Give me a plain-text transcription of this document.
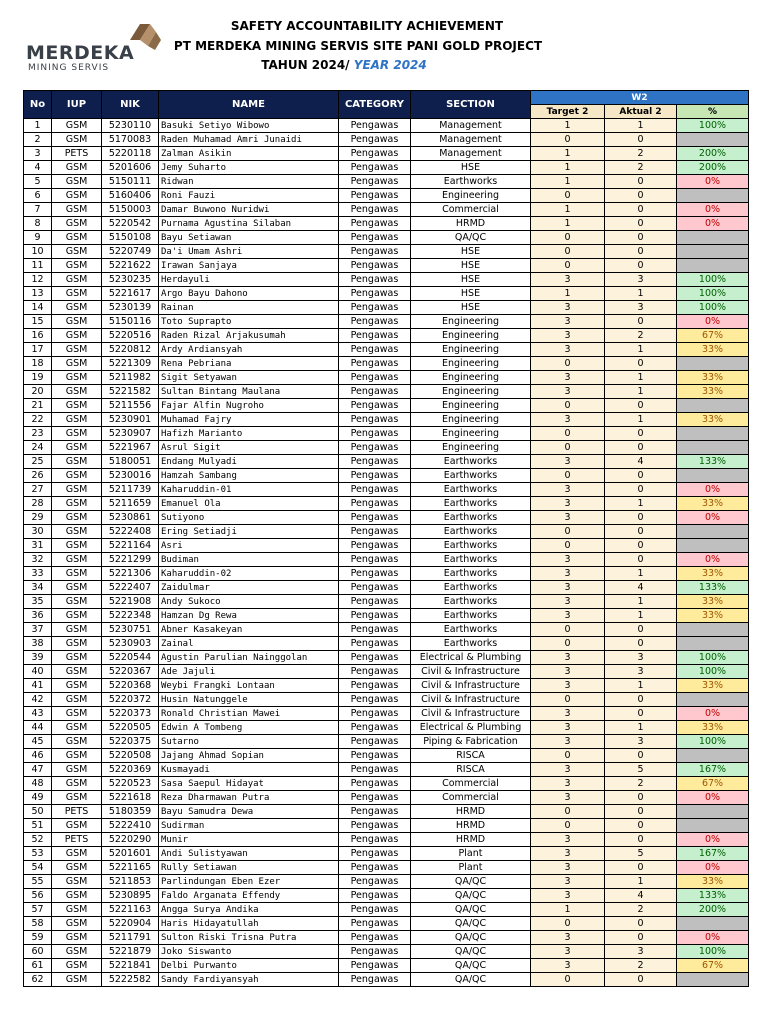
MERDEKA
MINING SERVIS
SAFETY ACCOUNTABILITY ACHIEVEMENT
PT MERDEKA MINING SERVIS SITE PANI GOLD PROJECT
TAHUN 2024/ YEAR 2024
No	IUP	NIK	NAME	CATEGORY	SECTION	W2		
						Target 2	Aktual 2	%
1	GSM	5230110	Basuki Setiyo Wibowo	Pengawas	Management	1	1	100%
2	GSM	5170083	Raden Muhamad Amri Junaidi	Pengawas	Management	0	0	
3	PETS	5220118	Zalman Asikin	Pengawas	Management	1	2	200%
4	GSM	5201606	Jemy Suharto	Pengawas	HSE	1	2	200%
5	GSM	5150111	Ridwan	Pengawas	Earthworks	1	0	0%
6	GSM	5160406	Roni Fauzi	Pengawas	Engineering	0	0	
7	GSM	5150003	Damar Buwono Nuridwi	Pengawas	Commercial	1	0	0%
8	GSM	5220542	Purnama Agustina Silaban	Pengawas	HRMD	1	0	0%
9	GSM	5150108	Bayu Setiawan	Pengawas	QA/QC	0	0	
10	GSM	5220749	Da'i Umam Ashri	Pengawas	HSE	0	0	
11	GSM	5221622	Irawan Sanjaya	Pengawas	HSE	0	0	
12	GSM	5230235	Herdayuli	Pengawas	HSE	3	3	100%
13	GSM	5221617	Argo Bayu Dahono	Pengawas	HSE	1	1	100%
14	GSM	5230139	Rainan	Pengawas	HSE	3	3	100%
15	GSM	5150116	Toto Suprapto	Pengawas	Engineering	3	0	0%
16	GSM	5220516	Raden Rizal Arjakusumah	Pengawas	Engineering	3	2	67%
17	GSM	5220812	Ardy Ardiansyah	Pengawas	Engineering	3	1	33%
18	GSM	5221309	Rena Pebriana	Pengawas	Engineering	0	0	
19	GSM	5211982	Sigit Setyawan	Pengawas	Engineering	3	1	33%
20	GSM	5221582	Sultan Bintang Maulana	Pengawas	Engineering	3	1	33%
21	GSM	5211556	Fajar Alfin Nugroho	Pengawas	Engineering	0	0	
22	GSM	5230901	Muhamad Fajry	Pengawas	Engineering	3	1	33%
23	GSM	5230907	Hafizh Marianto	Pengawas	Engineering	0	0	
24	GSM	5221967	Asrul Sigit	Pengawas	Engineering	0	0	
25	GSM	5180051	Endang Mulyadi	Pengawas	Earthworks	3	4	133%
26	GSM	5230016	Hamzah Sambang	Pengawas	Earthworks	0	0	
27	GSM	5211739	Kaharuddin-01	Pengawas	Earthworks	3	0	0%
28	GSM	5211659	Emanuel Ola	Pengawas	Earthworks	3	1	33%
29	GSM	5230861	Sutiyono	Pengawas	Earthworks	3	0	0%
30	GSM	5222408	Ering Setiadji	Pengawas	Earthworks	0	0	
31	GSM	5221164	Asri	Pengawas	Earthworks	0	0	
32	GSM	5221299	Budiman	Pengawas	Earthworks	3	0	0%
33	GSM	5221306	Kaharuddin-02	Pengawas	Earthworks	3	1	33%
34	GSM	5222407	Zaidulmar	Pengawas	Earthworks	3	4	133%
35	GSM	5221908	Andy Sukoco	Pengawas	Earthworks	3	1	33%
36	GSM	5222348	Hamzan Dg Rewa	Pengawas	Earthworks	3	1	33%
37	GSM	5230751	Abner Kasakeyan	Pengawas	Earthworks	0	0	
38	GSM	5230903	Zainal	Pengawas	Earthworks	0	0	
39	GSM	5220544	Agustin Parulian Nainggolan	Pengawas	Electrical & Plumbing	3	3	100%
40	GSM	5220367	Ade Jajuli	Pengawas	Civil & Infrastructure	3	3	100%
41	GSM	5220368	Weybi Frangki Lontaan	Pengawas	Civil & Infrastructure	3	1	33%
42	GSM	5220372	Husin Natunggele	Pengawas	Civil & Infrastructure	0	0	
43	GSM	5220373	Ronald Christian Mawei	Pengawas	Civil & Infrastructure	3	0	0%
44	GSM	5220505	Edwin A Tombeng	Pengawas	Electrical & Plumbing	3	1	33%
45	GSM	5220375	Sutarno	Pengawas	Piping & Fabrication	3	3	100%
46	GSM	5220508	Jajang Ahmad Sopian	Pengawas	RISCA	0	0	
47	GSM	5220369	Kusmayadi	Pengawas	RISCA	3	5	167%
48	GSM	5220523	Sasa Saepul Hidayat	Pengawas	Commercial	3	2	67%
49	GSM	5221618	Reza Dharmawan Putra	Pengawas	Commercial	3	0	0%
50	PETS	5180359	Bayu Samudra Dewa	Pengawas	HRMD	0	0	
51	GSM	5222410	Sudirman	Pengawas	HRMD	0	0	
52	PETS	5220290	Munir	Pengawas	HRMD	3	0	0%
53	GSM	5201601	Andi Sulistyawan	Pengawas	Plant	3	5	167%
54	GSM	5221165	Rully Setiawan	Pengawas	Plant	3	0	0%
55	GSM	5211853	Parlindungan Eben Ezer	Pengawas	QA/QC	3	1	33%
56	GSM	5230895	Faldo Arganata Effendy	Pengawas	QA/QC	3	4	133%
57	GSM	5221163	Angga Surya Andika	Pengawas	QA/QC	1	2	200%
58	GSM	5220904	Haris Hidayatullah	Pengawas	QA/QC	0	0	
59	GSM	5211791	Sulton Riski Trisna Putra	Pengawas	QA/QC	3	0	0%
60	GSM	5221879	Joko Siswanto	Pengawas	QA/QC	3	3	100%
61	GSM	5221841	Delbi Purwanto	Pengawas	QA/QC	3	2	67%
62	GSM	5222582	Sandy Fardiyansyah	Pengawas	QA/QC	0	0	
